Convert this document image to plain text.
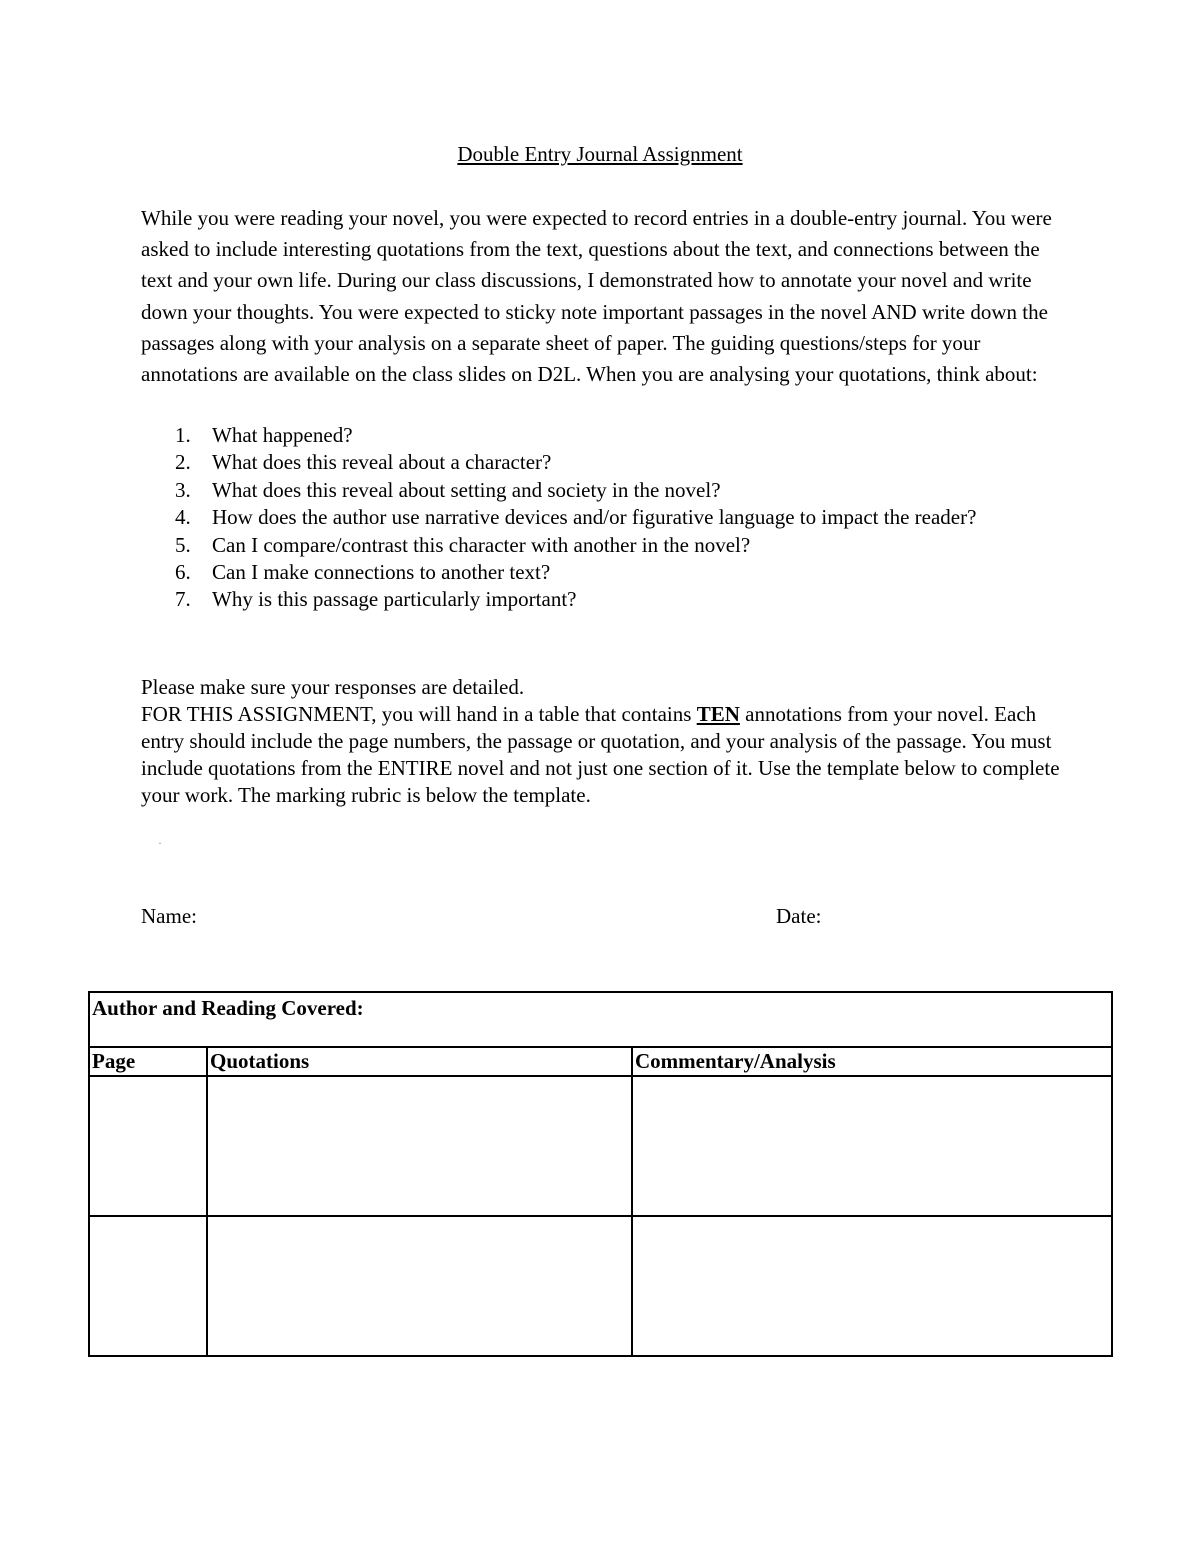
Double Entry Journal Assignment

While you were reading your novel, you were expected to record entries in a double-entry journal. You were asked to include interesting quotations from the text, questions about the text, and connections between the text and your own life. During our class discussions, I demonstrated how to annotate your novel and write down your thoughts. You were expected to sticky note important passages in the novel AND write down the passages along with your analysis on a separate sheet of paper. The guiding questions/steps for your annotations are available on the class slides on D2L. When you are analysing your quotations, think about:

1. What happened?
2. What does this reveal about a character?
3. What does this reveal about setting and society in the novel?
4. How does the author use narrative devices and/or figurative language to impact the reader?
5. Can I compare/contrast this character with another in the novel?
6. Can I make connections to another text?
7. Why is this passage particularly important?

Please make sure your responses are detailed.

FOR THIS ASSIGNMENT, you will hand in a table that contains TEN annotations from your novel. Each entry should include the page numbers, the passage or quotation, and your analysis of the passage. You must include quotations from the ENTIRE novel and not just one section of it. Use the template below to complete your work. The marking rubric is below the template.

·
Name:	Date:
Author and Reading Covered:		
Page	Quotations	Commentary/Analysis
